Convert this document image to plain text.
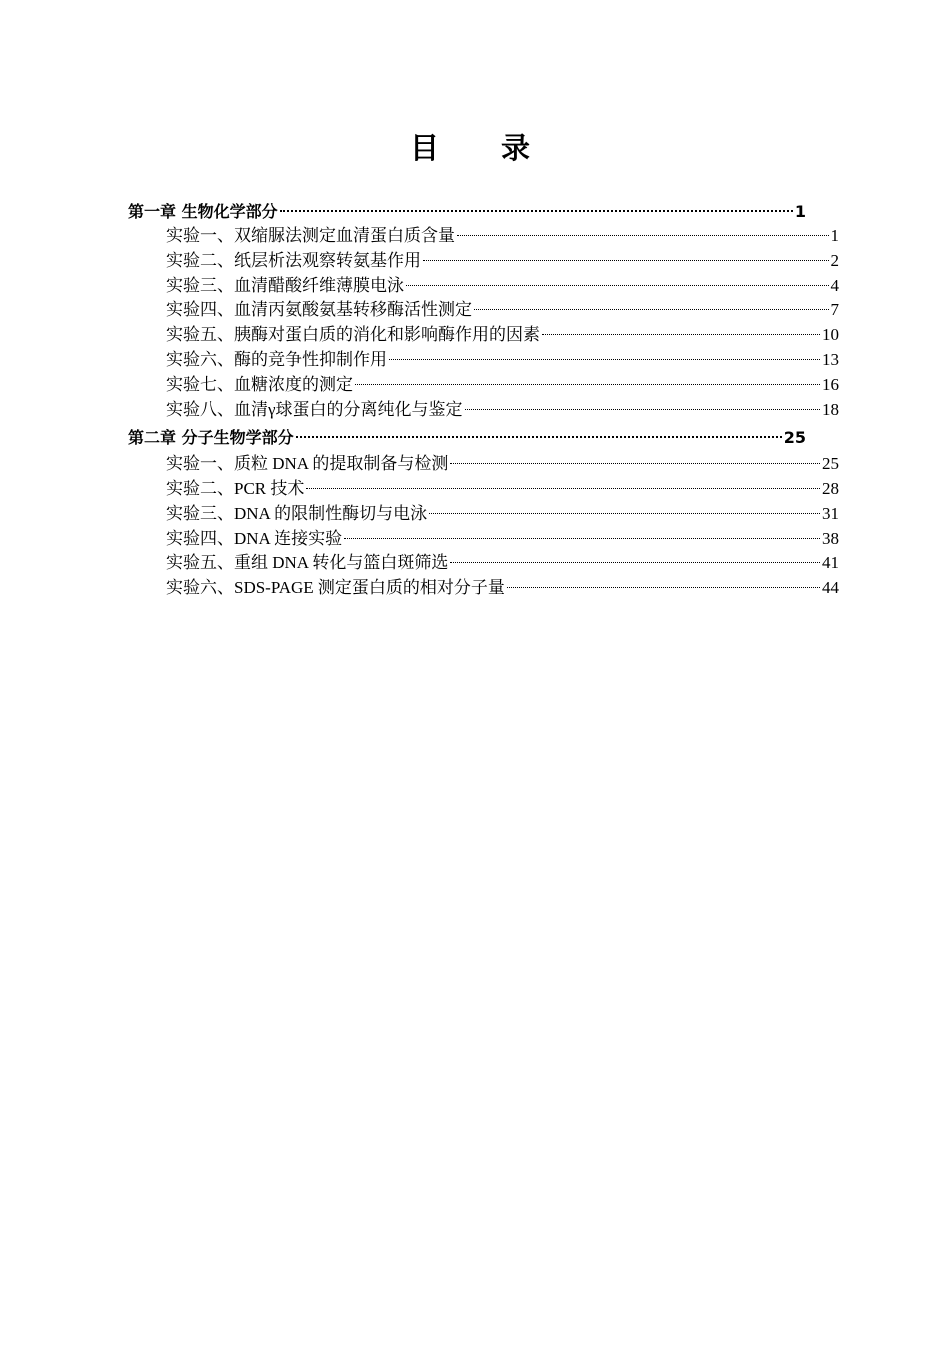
目 录
第一章 生物化学部分	1
实验一、双缩脲法测定血清蛋白质含量	1
实验二、纸层析法观察转氨基作用	2
实验三、血清醋酸纤维薄膜电泳	4
实验四、血清丙氨酸氨基转移酶活性测定	7
实验五、胰酶对蛋白质的消化和影响酶作用的因素	10
实验六、酶的竞争性抑制作用	13
实验七、血糖浓度的测定	16
实验八、血清γ球蛋白的分离纯化与鉴定	18
第二章 分子生物学部分	25
实验一、质粒 DNA 的提取制备与检测	25
实验二、PCR 技术	28
实验三、DNA 的限制性酶切与电泳	31
实验四、DNA 连接实验	38
实验五、重组 DNA 转化与篮白斑筛选	41
实验六、SDS-PAGE 测定蛋白质的相对分子量	44
